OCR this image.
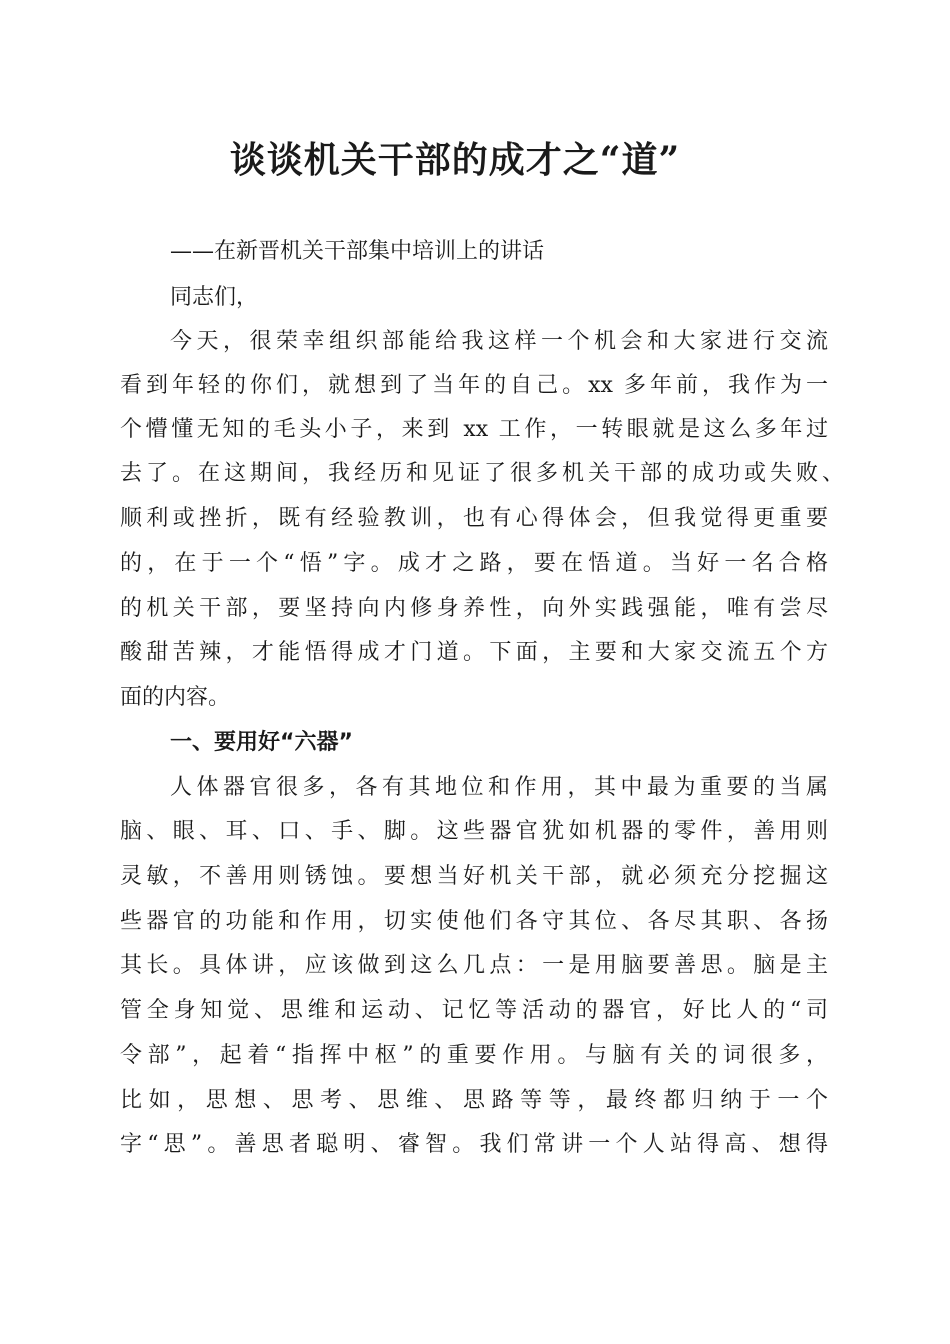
谈谈机关干部的成才之“道”
——在新晋机关干部集中培训上的讲话
同志们，
今天，很荣幸组织部能给我这样一个机会和大家进行交流
看到年轻的你们，就想到了当年的自己。xx 多年前，我作为一
个懵懂无知的毛头小子，来到 xx 工作，一转眼就是这么多年过
去了。在这期间，我经历和见证了很多机关干部的成功或失败、
顺利或挫折，既有经验教训，也有心得体会，但我觉得更重要
的，在于一个“悟”字。成才之路，要在悟道。当好一名合格
的机关干部，要坚持向内修身养性，向外实践强能，唯有尝尽
酸甜苦辣，才能悟得成才门道。下面，主要和大家交流五个方
面的内容。
一、要用好“六器”
人体器官很多，各有其地位和作用，其中最为重要的当属
脑、眼、耳、口、手、脚。这些器官犹如机器的零件，善用则
灵敏，不善用则锈蚀。要想当好机关干部，就必须充分挖掘这
些器官的功能和作用，切实使他们各守其位、各尽其职、各扬
其长。具体讲，应该做到这么几点：一是用脑要善思。脑是主
管全身知觉、思维和运动、记忆等活动的器官，好比人的“司
令部”，起着“指挥中枢”的重要作用。与脑有关的词很多，
比如，思想、思考、思维、思路等等，最终都归纳于一个
字“思”。善思者聪明、睿智。我们常讲一个人站得高、想得
